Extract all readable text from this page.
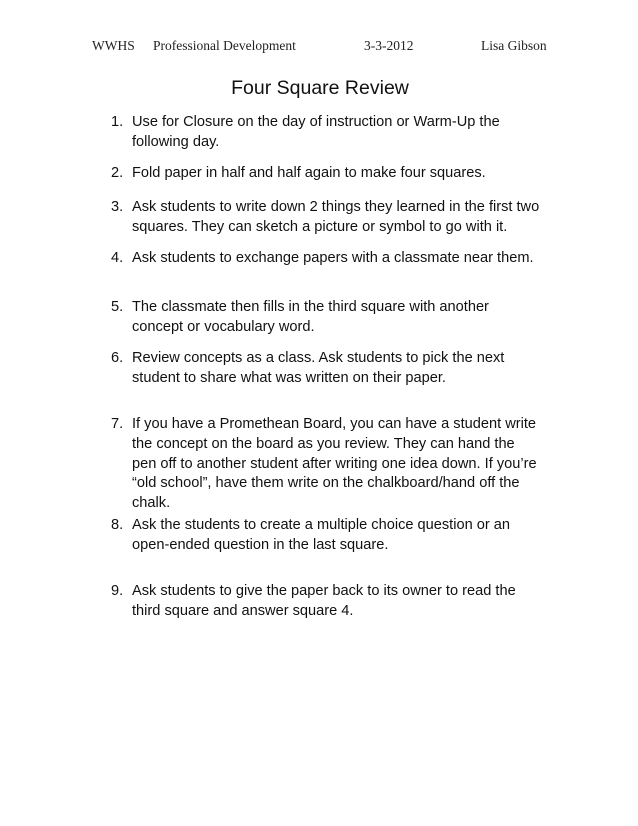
WWHS Professional Development	3-3-2012	Lisa Gibson
Four Square Review
1. Use for Closure on the day of instruction or Warm-Up the
following day.
2. Fold paper in half and half again to make four squares.
3. Ask students to write down 2 things they learned in the first two
squares. They can sketch a picture or symbol to go with it.
4. Ask students to exchange papers with a classmate near them.
5. The classmate then fills in the third square with another
concept or vocabulary word.
6. Review concepts as a class. Ask students to pick the next
student to share what was written on their paper.
7. If you have a Promethean Board, you can have a student write
the concept on the board as you review. They can hand the
pen off to another student after writing one idea down. If you’re
“old school”, have them write on the chalkboard/hand off the
chalk.
8. Ask the students to create a multiple choice question or an
open-ended question in the last square.
9. Ask students to give the paper back to its owner to read the
third square and answer square 4.
